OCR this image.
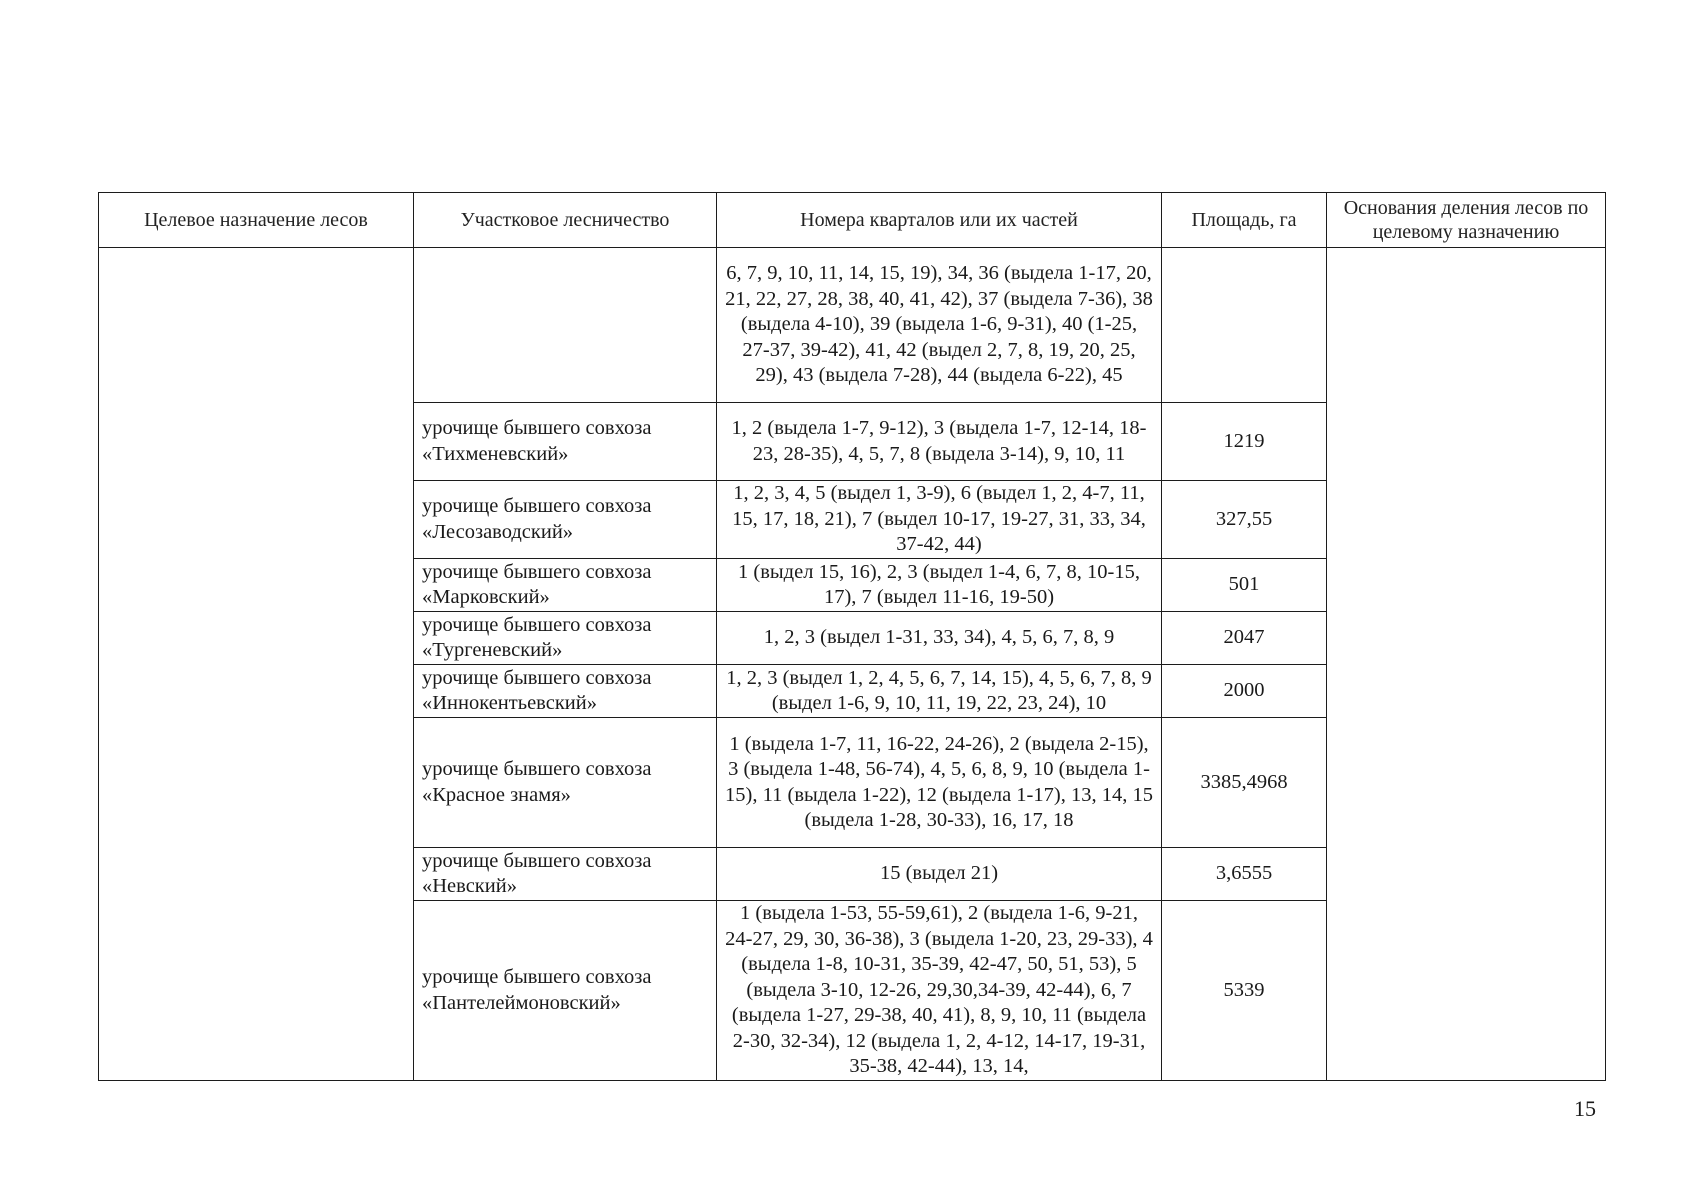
Целевое назначение лесов	Участковое лесничество	Номера кварталов или их частей	Площадь, га	Основания деления лесов по целевому назначению
		6, 7, 9, 10, 11, 14, 15, 19), 34, 36 (выдела 1-17, 20, 21, 22, 27, 28, 38, 40, 41, 42), 37 (выдела 7-36), 38 (выдела 4-10), 39 (выдела 1-6, 9-31), 40 (1-25, 27-37, 39-42), 41, 42 (выдел 2, 7, 8, 19, 20, 25, 29), 43 (выдела 7-28), 44 (выдела 6-22), 45		
	урочище бывшего совхоза «Тихменевский»	1, 2 (выдела 1-7, 9-12), 3 (выдела 1-7, 12-14, 18-23, 28-35), 4, 5, 7, 8 (выдела 3-14), 9, 10, 11	1219	
	урочище бывшего совхоза «Лесозаводский»	1, 2, 3, 4, 5 (выдел 1, 3-9), 6 (выдел 1, 2, 4-7, 11, 15, 17, 18, 21), 7 (выдел 10-17, 19-27, 31, 33, 34, 37-42, 44)	327,55	
	урочище бывшего совхоза «Марковский»	1 (выдел 15, 16), 2, 3 (выдел 1-4, 6, 7, 8, 10-15, 17), 7 (выдел 11-16, 19-50)	501	
	урочище бывшего совхоза «Тургеневский»	1, 2, 3 (выдел 1-31, 33, 34), 4, 5, 6, 7, 8, 9	2047	
	урочище бывшего совхоза «Иннокентьевский»	1, 2, 3 (выдел 1, 2, 4, 5, 6, 7, 14, 15), 4, 5, 6, 7, 8, 9 (выдел 1-6, 9, 10, 11, 19, 22, 23, 24), 10	2000	
	урочище бывшего совхоза «Красное знамя»	1 (выдела 1-7, 11, 16-22, 24-26), 2 (выдела 2-15), 3 (выдела 1-48, 56-74), 4, 5, 6, 8, 9, 10 (выдела 1-15), 11 (выдела 1-22), 12 (выдела 1-17), 13, 14, 15 (выдела 1-28, 30-33), 16, 17, 18	3385,4968	
	урочище бывшего совхоза «Невский»	15 (выдел 21)	3,6555	
	урочище бывшего совхоза «Пантелеймоновский»	1 (выдела 1-53, 55-59,61), 2 (выдела 1-6, 9-21, 24-27, 29, 30, 36-38), 3 (выдела 1-20, 23, 29-33), 4 (выдела 1-8, 10-31, 35-39, 42-47, 50, 51, 53), 5 (выдела 3-10, 12-26, 29,30,34-39, 42-44), 6, 7 (выдела 1-27, 29-38, 40, 41), 8, 9, 10, 11 (выдела 2-30, 32-34), 12 (выдела 1, 2, 4-12, 14-17, 19-31, 35-38, 42-44), 13, 14,	5339	
15
